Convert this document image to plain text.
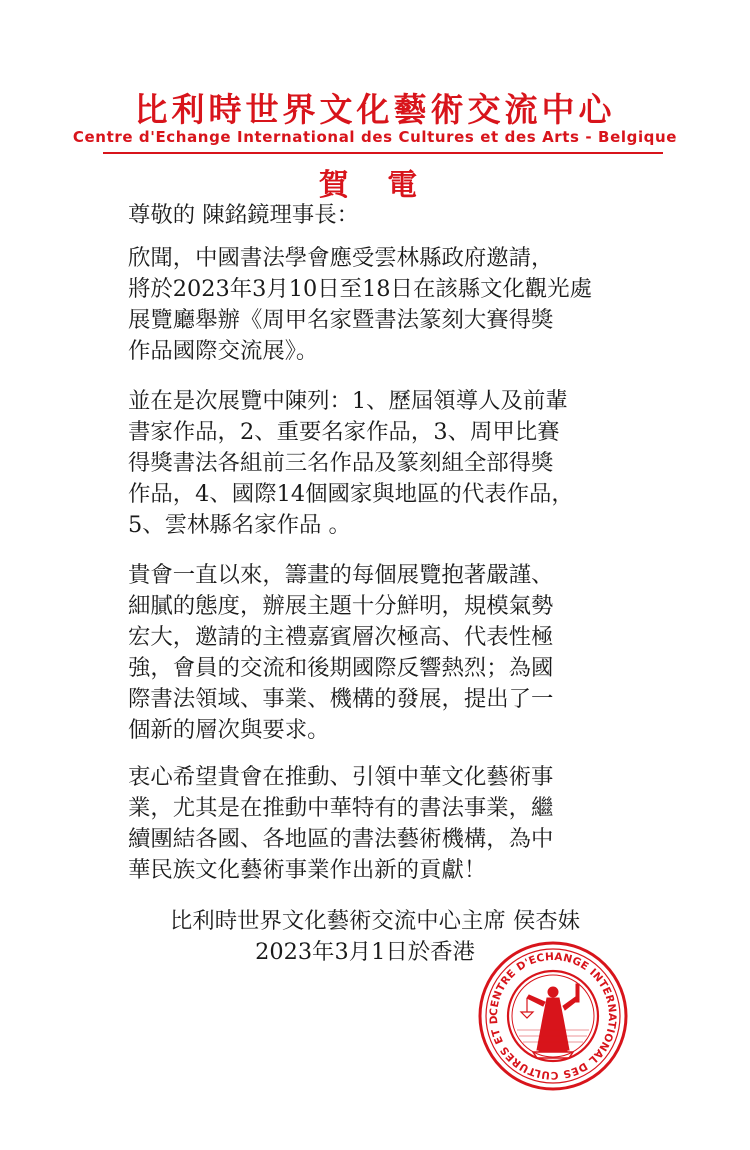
比利時世界文化藝術交流中心
Centre d'Echange International des Cultures et des Arts - Belgique
賀 電
尊敬的 陳銘鏡理事長：
欣聞，中國書法學會應受雲林縣政府邀請，
將於2023年3月10日至18日在該縣文化觀光處
展覽廳舉辦《周甲名家暨書法篆刻大賽得獎
作品國際交流展》。
並在是次展覽中陳列：1、歷屆領導人及前輩
書家作品，2、重要名家作品，3、周甲比賽
得獎書法各組前三名作品及篆刻組全部得獎
作品，4、國際14個國家與地區的代表作品，
5、雲林縣名家作品 。
貴會一直以來，籌畫的每個展覽抱著嚴謹、
細膩的態度，辦展主題十分鮮明，規模氣勢
宏大，邀請的主禮嘉賓層次極高、代表性極
強，會員的交流和後期國際反響熱烈；為國
際書法領域、事業、機構的發展，提出了一
個新的層次與要求。
衷心希望貴會在推動、引領中華文化藝術事
業，尤其是在推動中華特有的書法事業，繼
續團結各國、各地區的書法藝術機構，為中
華民族文化藝術事業作出新的貢獻！
比利時世界文化藝術交流中心主席 侯杏妹
2023年3月1日於香港
CENTRE D'ECHANGE INTERNATIONAL DES CULTURES ET D
